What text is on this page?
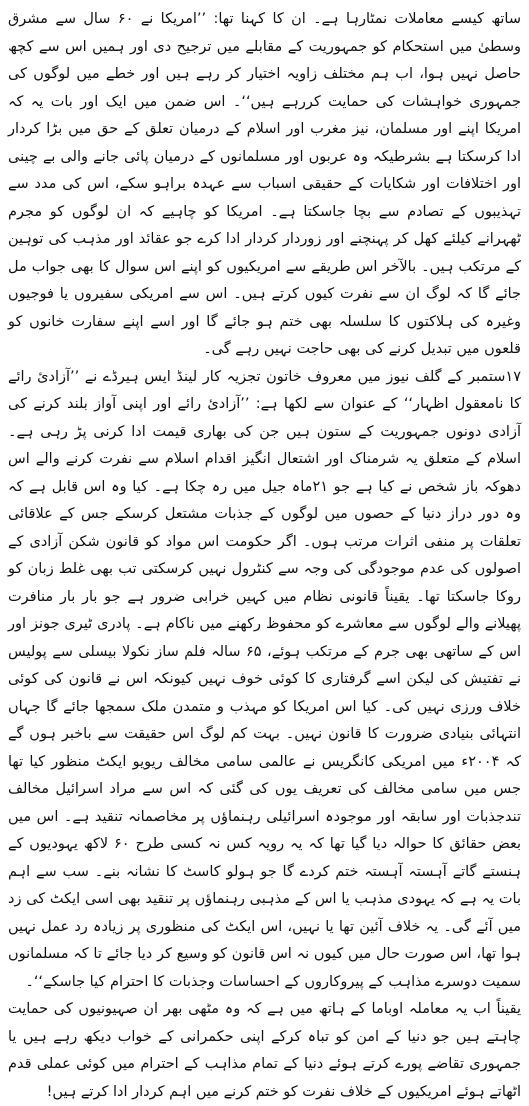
ساتھ کیسے معاملات نمٹارہا ہے۔ ان کا کہنا تھا: ’’امریکا نے ۶۰ سال سے مشرق وسطیٰ میں استحکام کو جمہوریت کے مقابلے میں ترجیح دی اور ہمیں اس سے کچھ حاصل نہیں ہوا، اب ہم مختلف زاویہ اختیار کر رہے ہیں اور خطے میں لوگوں کی جمہوری خواہشات کی حمایت کررہے ہیں‘‘۔ اس ضمن میں ایک اور بات یہ کہ امریکا اپنے اور مسلمان، نیز مغرب اور اسلام کے درمیان تعلق کے حق میں بڑا کردار ادا کرسکتا ہے بشرطیکہ وہ عربوں اور مسلمانوں کے درمیان پائی جانے والی بے چینی اور اختلافات اور شکایات کے حقیقی اسباب سے عہدہ براہو سکے، اس کی مدد سے تہذیبوں کے تصادم سے بچا جاسکتا ہے۔ امریکا کو چاہیے کہ ان لوگوں کو مجرم ٹھہرانے کیلئے کھل کر پہنچنے اور زوردار کردار ادا کرے جو عقائد اور مذہب کی توہین کے مرتکب ہیں۔ بالآخر اس طریقے سے امریکیوں کو اپنے اس سوال کا بھی جواب مل جائے گا کہ لوگ ان سے نفرت کیوں کرتے ہیں۔ اس سے امریکی سفیروں یا فوجیوں وغیرہ کی ہلاکتوں کا سلسلہ بھی ختم ہو جائے گا اور اسے اپنے سفارت خانوں کو قلعوں میں تبدیل کرنے کی بھی حاجت نہیں رہے گی۔

۱۷ستمبر کے گلف نیوز میں معروف خاتون تجزیہ کار لینڈ ایس ہیرڈے نے ’’آزادیٔ رائے کا نامعقول اظہار‘‘ کے عنوان سے لکھا ہے: ’’آزادیٔ رائے اور اپنی آواز بلند کرنے کی آزادی دونوں جمہوریت کے ستون ہیں جن کی بھاری قیمت ادا کرنی پڑ رہی ہے۔ اسلام کے متعلق یہ شرمناک اور اشتعال انگیز اقدام اسلام سے نفرت کرنے والے اس دھوکہ باز شخص نے کیا ہے جو ۲۱ماہ جیل میں رہ چکا ہے۔ کیا وہ اس قابل ہے کہ وہ دور دراز دنیا کے حصوں میں لوگوں کے جذبات مشتعل کرسکے جس کے علاقائی تعلقات پر منفی اثرات مرتب ہوں۔ اگر حکومت اس مواد کو قانون شکن آزادی کے اصولوں کی عدم موجودگی کی وجہ سے کنٹرول نہیں کرسکتی تب بھی غلط زبان کو روکا جاسکتا تھا۔ یقیناً قانونی نظام میں کہیں خرابی ضرور ہے جو بار بار منافرت پھیلانے والے لوگوں سے معاشرے کو محفوظ رکھنے میں ناکام ہے۔ پادری ٹیری جونز اور اس کے ساتھی بھی جرم کے مرتکب ہوئے، ۶۵ سالہ فلم ساز نکولا بیسلی سے پولیس نے تفتیش کی لیکن اسے گرفتاری کا کوئی خوف نہیں کیونکہ اس نے قانون کی کوئی خلاف ورزی نہیں کی۔ کیا اس امریکا کو مہذب و متمدن ملک سمجھا جائے گا جہاں انتہائی بنیادی ضرورت کا قانون نہیں۔ بہت کم لوگ اس حقیقت سے باخبر ہوں گے کہ ۲۰۰۴ء میں امریکی کانگریس نے عالمی سامی مخالف ریویو ایکٹ منظور کیا تھا جس میں سامی مخالف کی تعریف یوں کی گئی کہ اس سے مراد اسرائیل مخالف تندجذبات اور سابقہ اور موجودہ اسرائیلی رہنماؤں پر مخاصمانہ تنقید ہے۔ اس میں بعض حقائق کا حوالہ دیا گیا تھا کہ یہ رویہ کس نہ کسی طرح ۶۰ لاکھ یہودیوں کے ہنستے گاتے آہستہ آہستہ ختم کردے گا جو ہولو کاسٹ کا نشانہ بنے۔ سب سے اہم بات یہ ہے کہ یہودی مذہب یا اس کے مذہبی رہنماؤں پر تنقید بھی اسی ایکٹ کی زد میں آئے گی۔ یہ خلاف آئین تھا یا نہیں، اس ایکٹ کی منظوری پر زیادہ رد عمل نہیں ہوا تھا، اس صورت حال میں کیوں نہ اس قانون کو وسیع کر دیا جائے تا کہ مسلمانوں سمیت دوسرے مذاہب کے پیروکاروں کے احساسات وجذبات کا احترام کیا جاسکے‘‘۔

یقیناً اب یہ معاملہ اوباما کے ہاتھ میں ہے کہ وہ مٹھی بھر ان صہیونیوں کی حمایت چاہتے ہیں جو دنیا کے امن کو تباہ کرکے اپنی حکمرانی کے خواب دیکھ رہے ہیں یا جمہوری تقاضے پورے کرتے ہوئے دنیا کے تمام مذاہب کے احترام میں کوئی عملی قدم اٹھاتے ہوئے امریکیوں کے خلاف نفرت کو ختم کرنے میں اہم کردار ادا کرتے ہیں!
